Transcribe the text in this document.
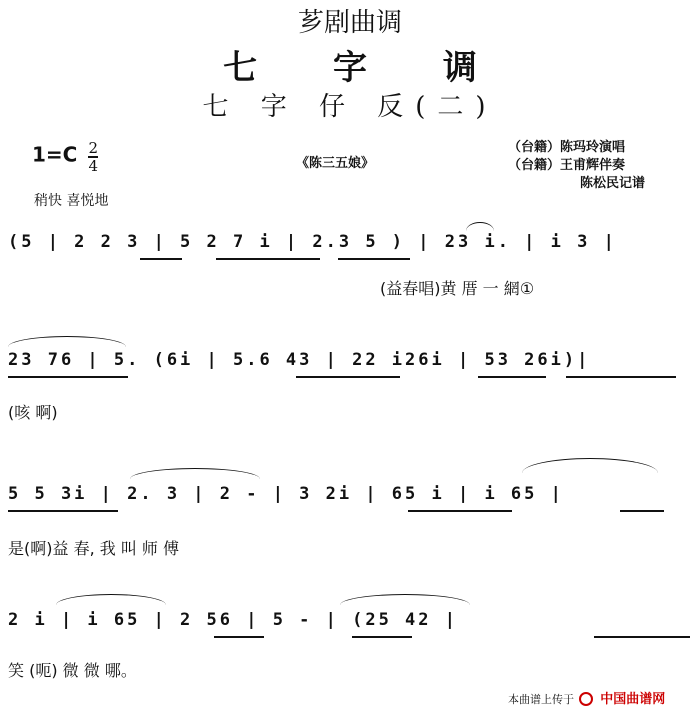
芗剧曲调
七 字 调
七 字 仔 反(二)
$1=C \frac{2}{4}$	《陈三五娘》
（台籍）陈玛玲演唱
（台籍）王甫辉伴奏
陈松民记谱
稍快 喜悦地
(5 | 2 2 3 | 5 2 7 i | 2.3 5 ) | 23 i. | i 3 |
(益春唱)黄 厝 一 網①
23 76 | 5. (6i | 5.6 43 | 22 i26i | 53 26i)|
(咳 啊)
5 5 3i | 2. 3 | 2 - | 3 2i | 65 i | i 65 |
是(啊)益 春, 我 叫 师 傅
2 i | i 65 | 2 56 | 5 - | (25 42 |
笑 (呃) 微 微 哪。
本曲谱上传于 中国曲谱网
